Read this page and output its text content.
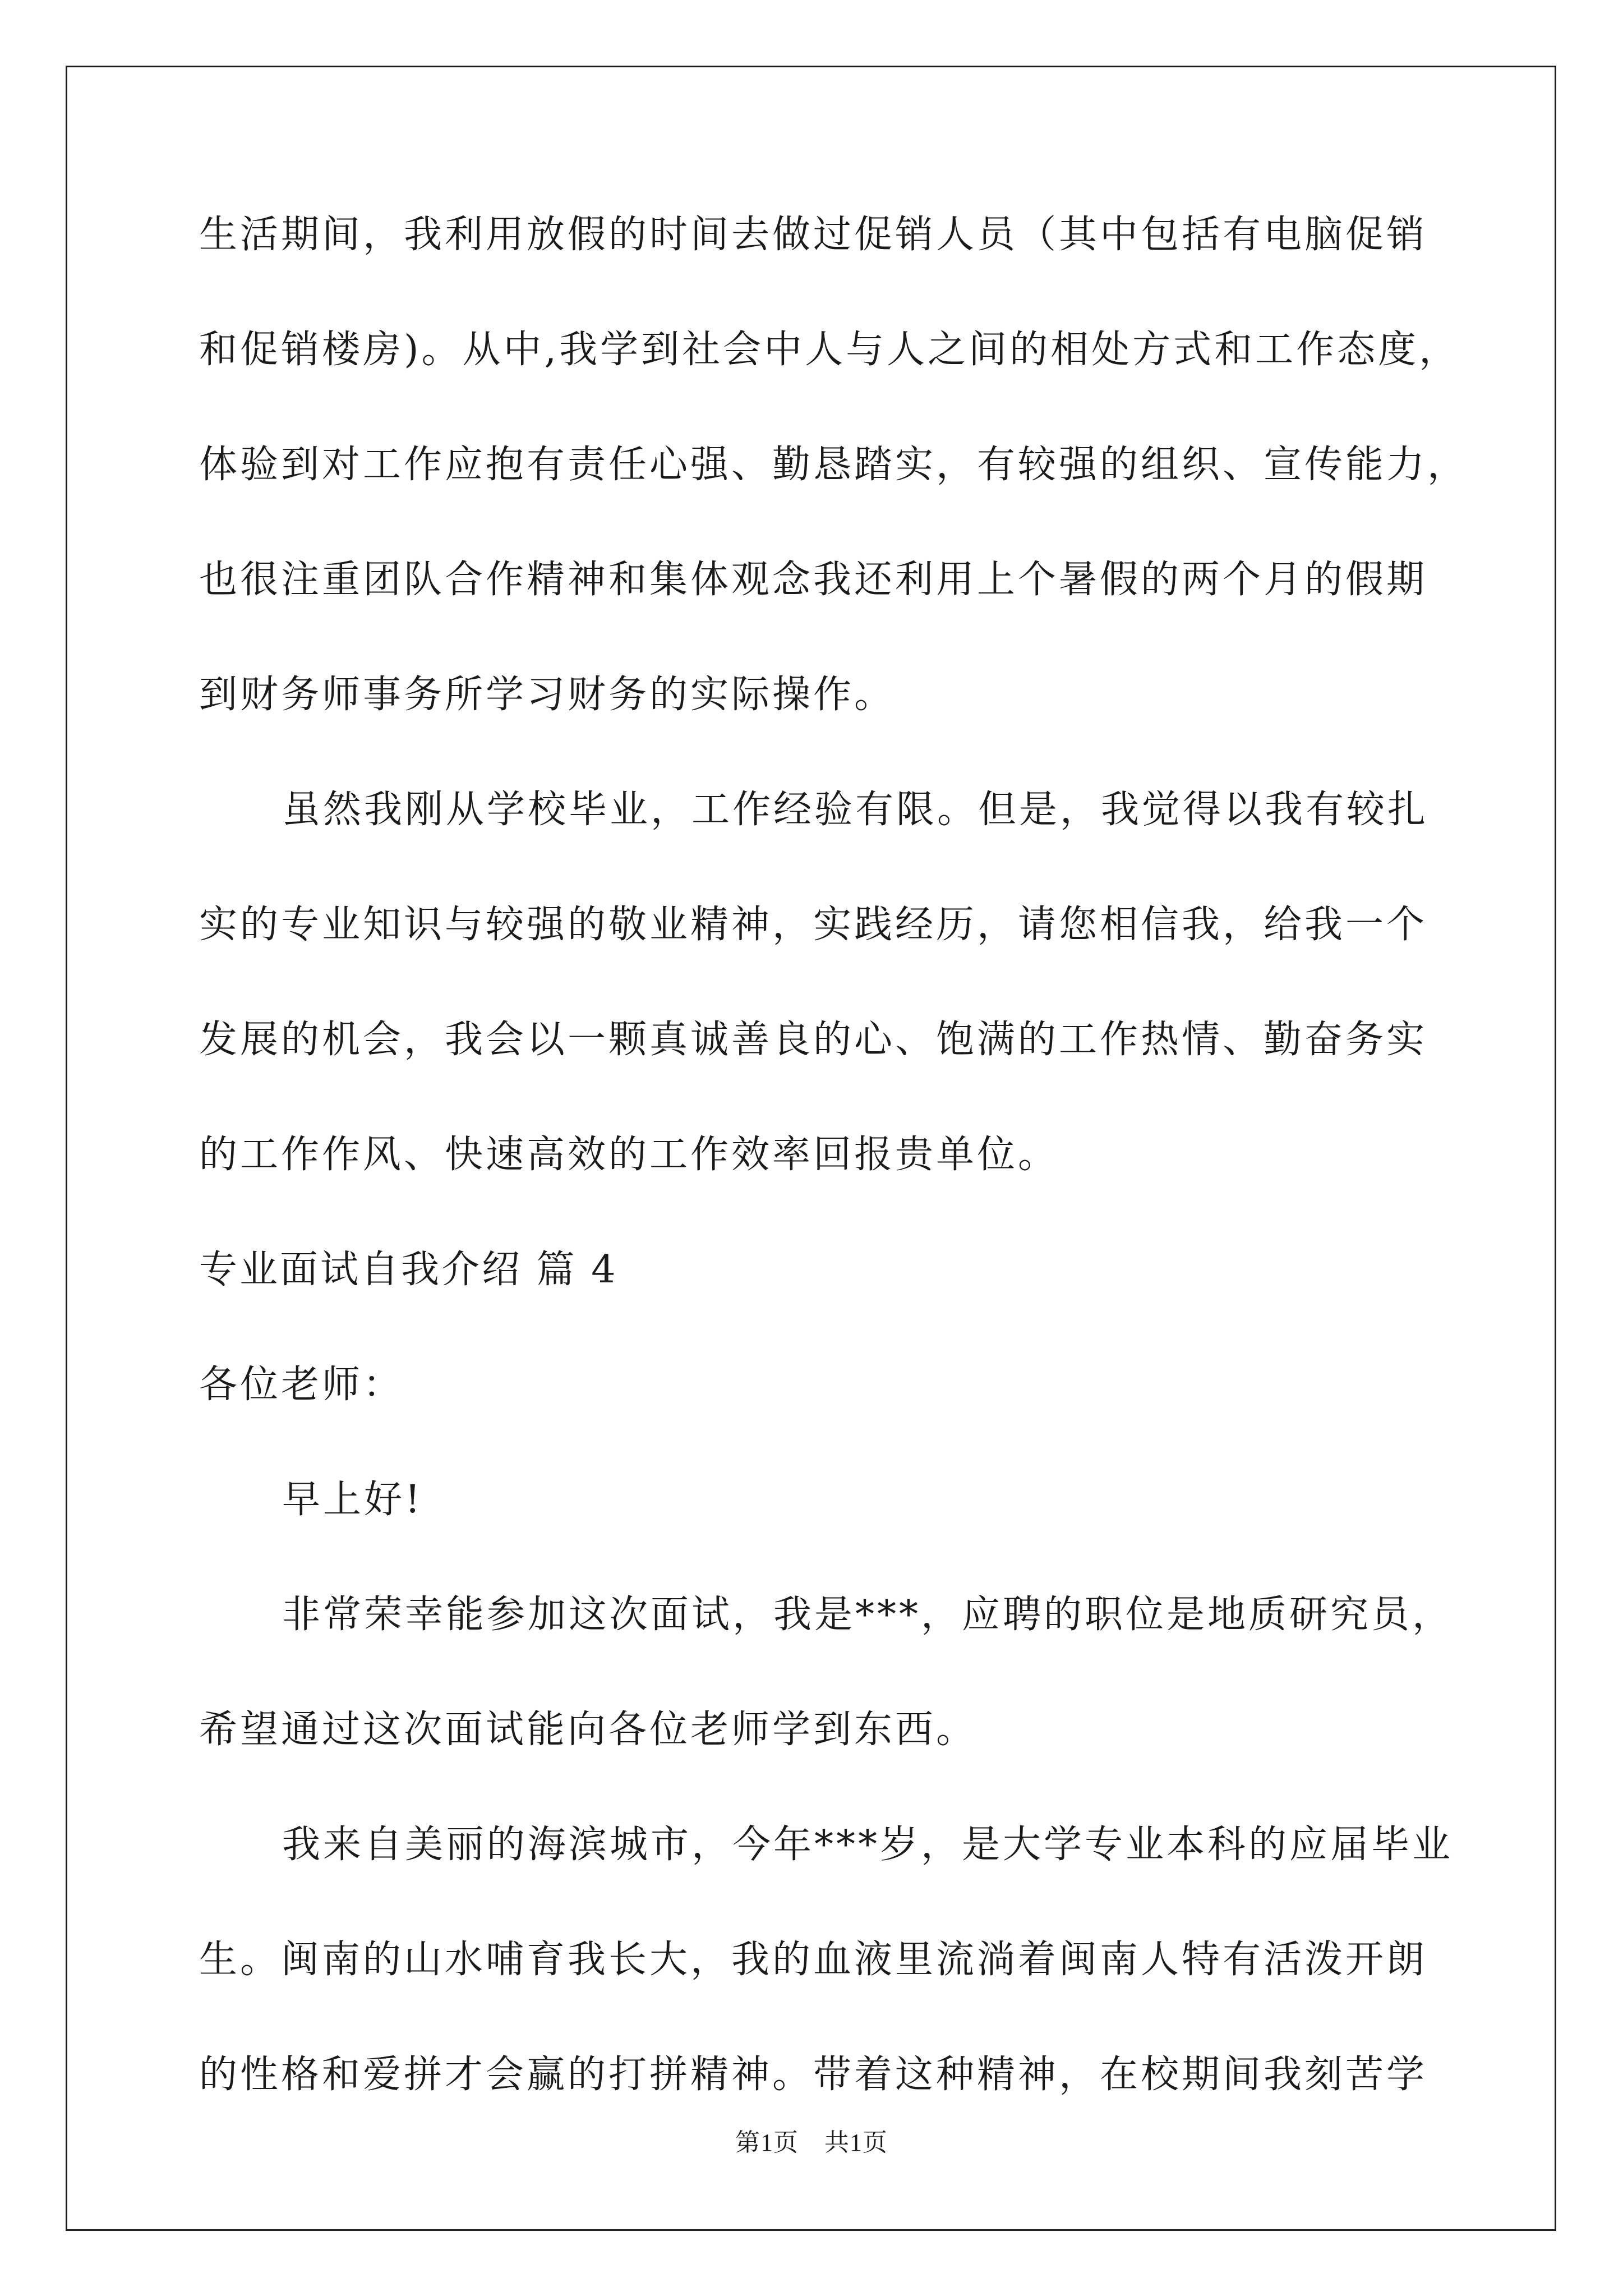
生活期间，我利用放假的时间去做过促销人员（其中包括有电脑促销
和促销楼房)。从中,我学到社会中人与人之间的相处方式和工作态度，
体验到对工作应抱有责任心强、勤恳踏实，有较强的组织、宣传能力，
也很注重团队合作精神和集体观念我还利用上个暑假的两个月的假期
到财务师事务所学习财务的实际操作。
虽然我刚从学校毕业，工作经验有限。但是，我觉得以我有较扎
实的专业知识与较强的敬业精神，实践经历，请您相信我，给我一个
发展的机会，我会以一颗真诚善良的心、饱满的工作热情、勤奋务实
的工作作风、快速高效的工作效率回报贵单位。
专业面试自我介绍 篇 4
各位老师：
早上好!
非常荣幸能参加这次面试，我是***，应聘的职位是地质研究员，
希望通过这次面试能向各位老师学到东西。
我来自美丽的海滨城市，今年***岁，是大学专业本科的应届毕业
生。闽南的山水哺育我长大，我的血液里流淌着闽南人特有活泼开朗
的性格和爱拼才会赢的打拼精神。带着这种精神，在校期间我刻苦学
第1页 共1页
